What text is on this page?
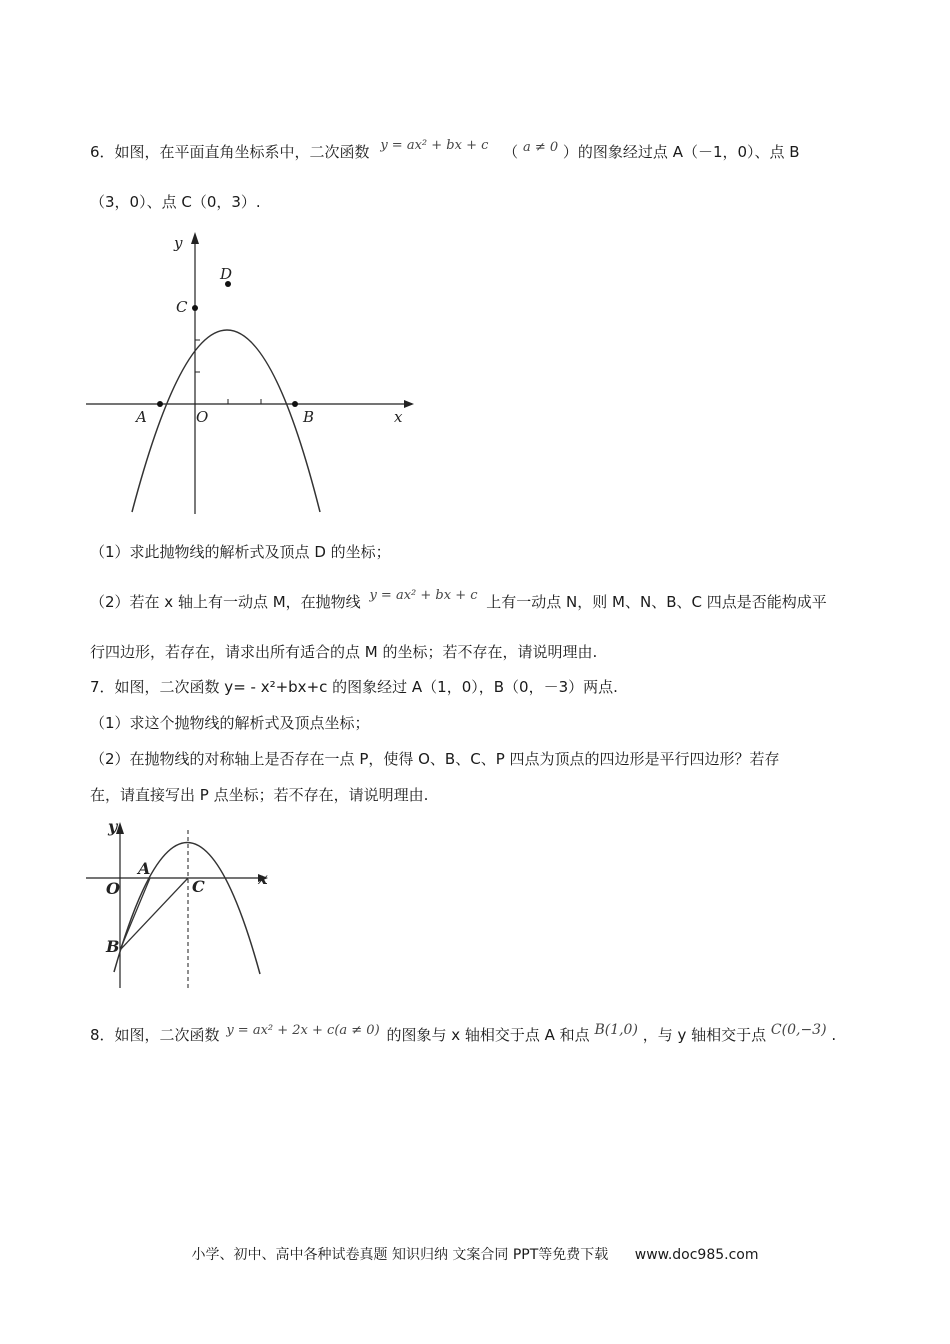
6．如图，在平面直角坐标系中，二次函数 y = ax² + bx + c （ a ≠ 0 ）的图象经过点 A（－1，0）、点 B
（3，0）、点 C（0，3）.
y
x
A	O	B
C
D
（1）求此抛物线的解析式及顶点 D 的坐标；
（2）若在 x 轴上有一动点 M，在抛物线 y = ax² + bx + c 上有一动点 N，则 M、N、B、C 四点是否能构成平
行四边形，若存在，请求出所有适合的点 M 的坐标；若不存在，请说明理由.
7．如图，二次函数 y= - x²+bx+c 的图象经过 A（1，0），B（0，－3）两点.
（1）求这个抛物线的解析式及顶点坐标；
（2）在抛物线的对称轴上是否存在一点 P，使得 O、B、C、P 四点为顶点的四边形是平行四边形？若存
在，请直接写出 P 点坐标；若不存在，请说明理由.
y
x
O
A
B
C
8．如图，二次函数 y = ax² + 2x + c(a ≠ 0) 的图象与 x 轴相交于点 A 和点 B(1,0) ，与 y 轴相交于点 C(0,−3) .
小学、初中、高中各种试卷真题 知识归纳 文案合同 PPT等免费下载 www.doc985.com
